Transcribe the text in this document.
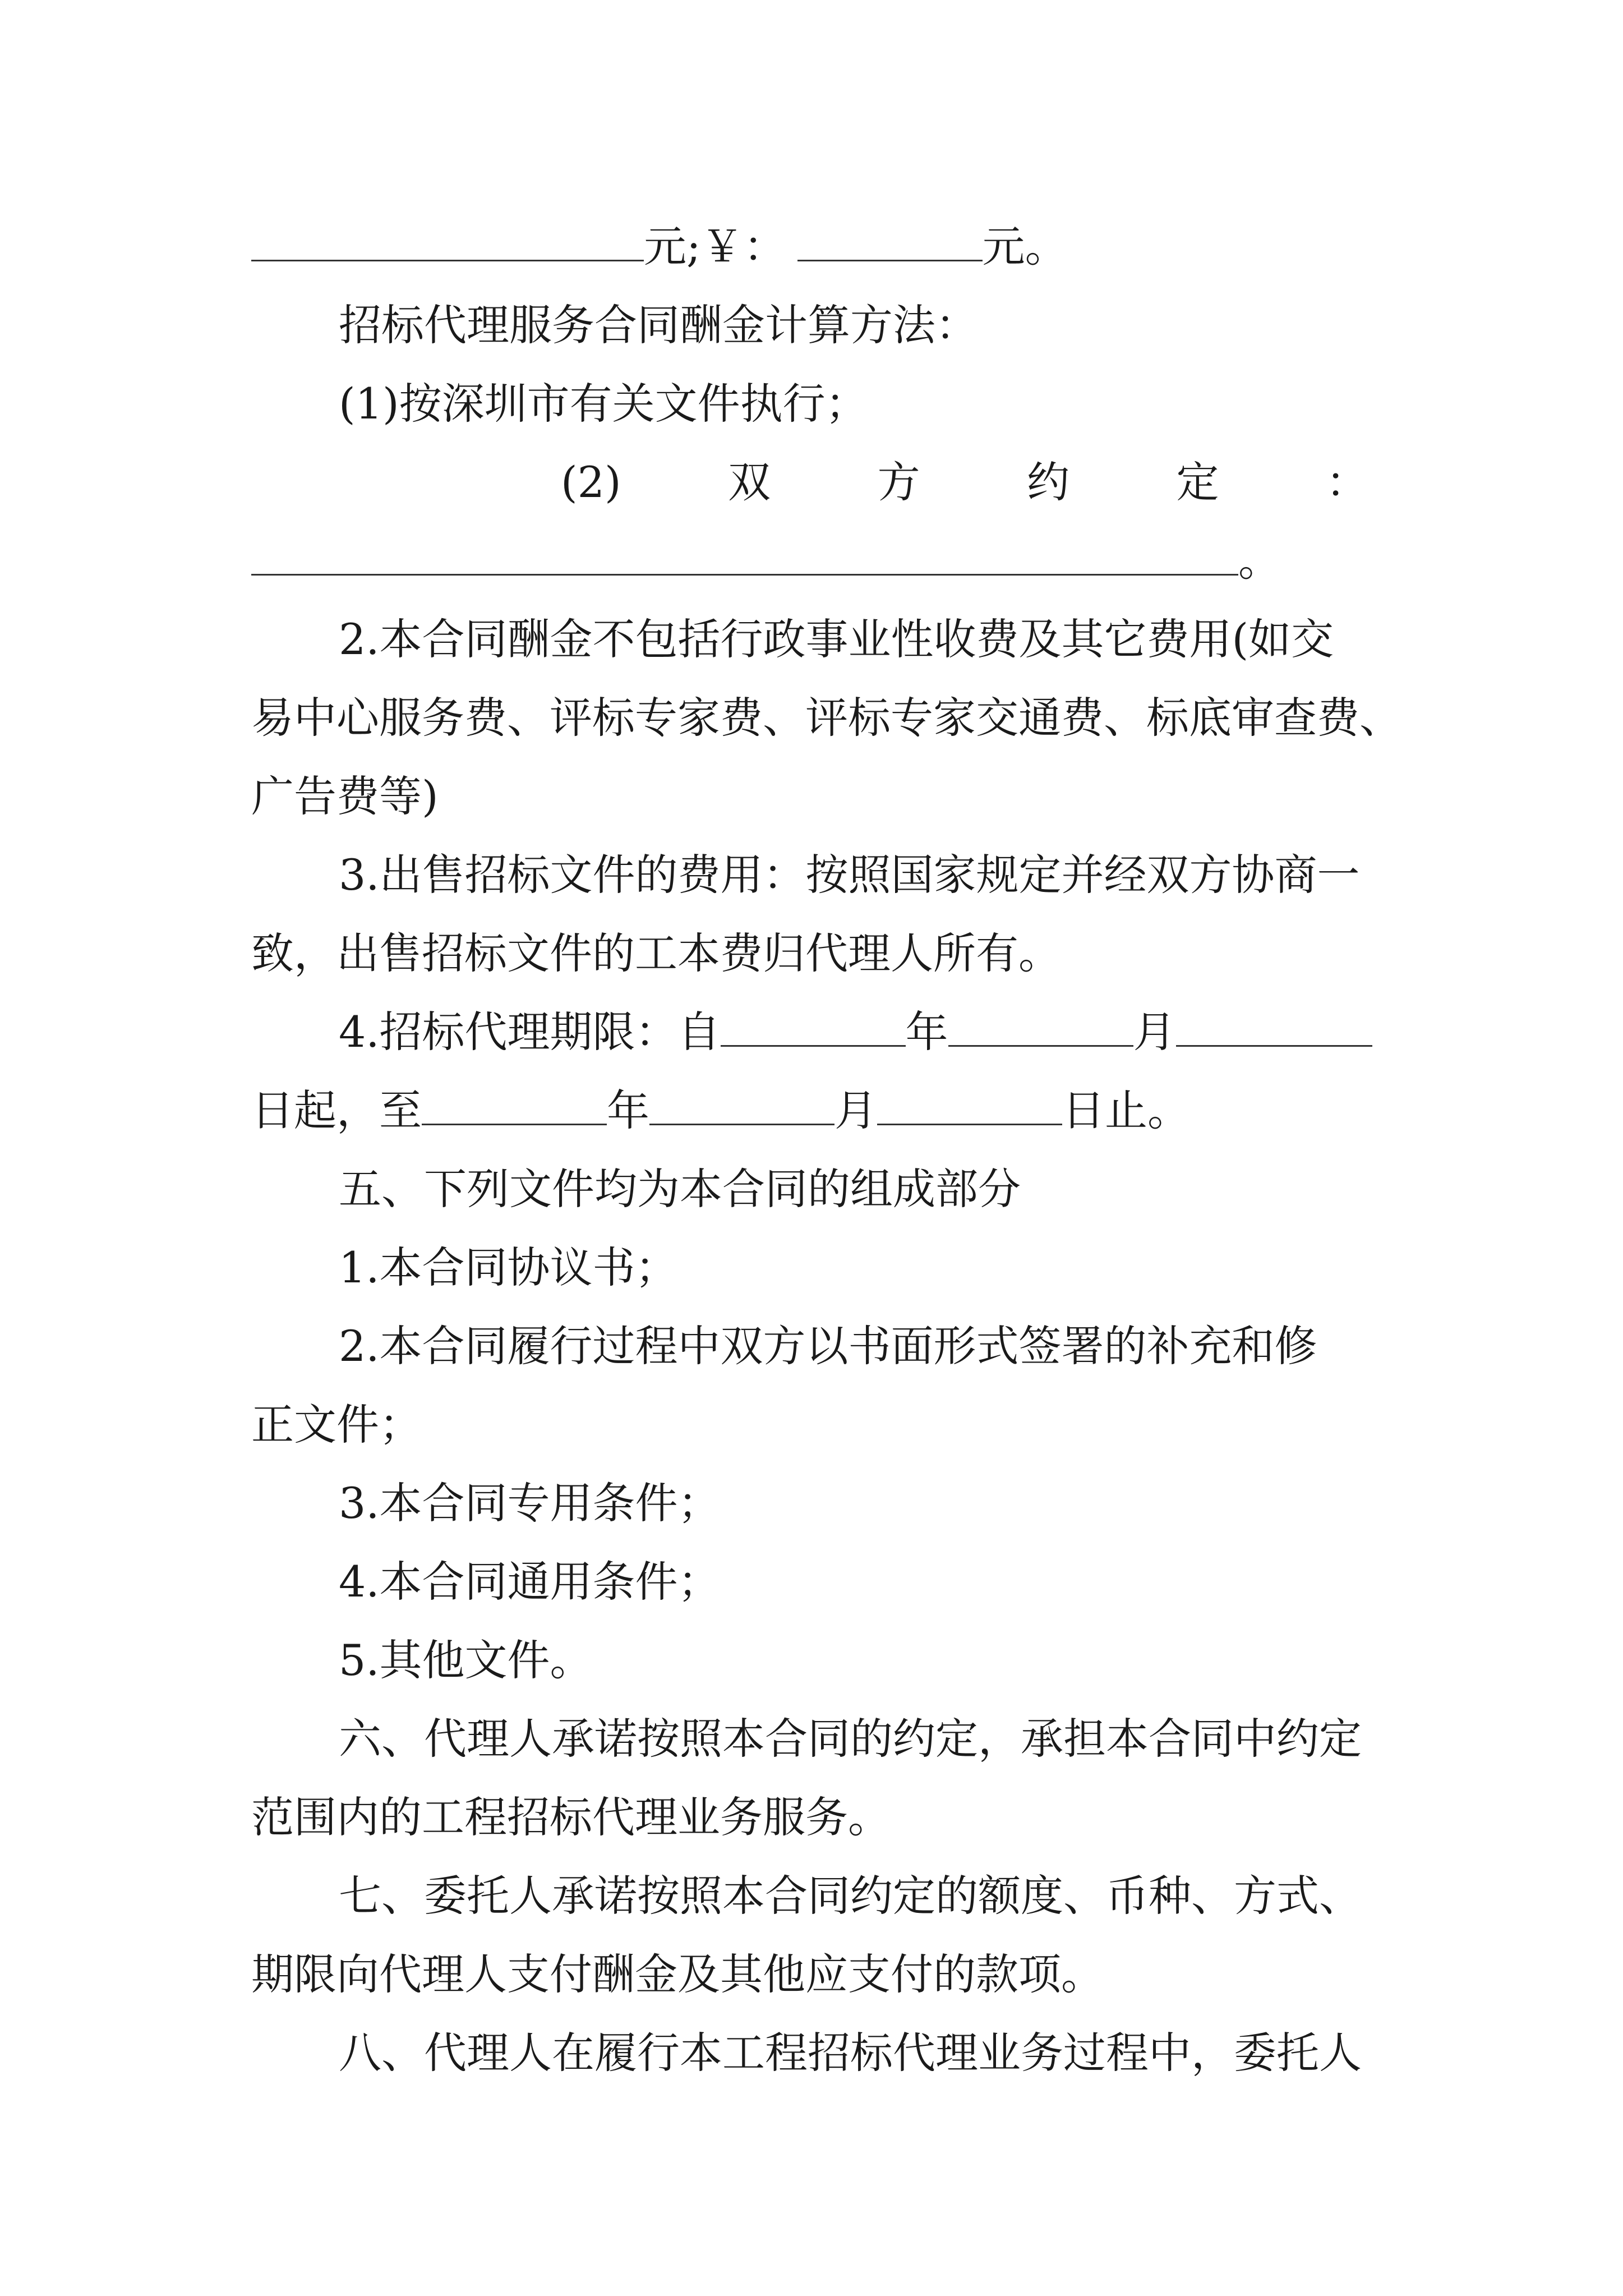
元;￥：	元。
招标代理服务合同酬金计算方法：
(1)按深圳市有关文件执行；
(2)	双	方	约	定	：
。
2.本合同酬金不包括行政事业性收费及其它费用(如交
易中心服务费、评标专家费、评标专家交通费、标底审查费、
广告费等)
3.出售招标文件的费用：按照国家规定并经双方协商一
致，出售招标文件的工本费归代理人所有。
4.招标代理期限：自	年	月
日起，至	年	月	日止。
五、下列文件均为本合同的组成部分
1.本合同协议书；
2.本合同履行过程中双方以书面形式签署的补充和修
正文件；
3.本合同专用条件；
4.本合同通用条件；
5.其他文件。
六、代理人承诺按照本合同的约定，承担本合同中约定
范围内的工程招标代理业务服务。
七、委托人承诺按照本合同约定的额度、币种、方式、
期限向代理人支付酬金及其他应支付的款项。
八、代理人在履行本工程招标代理业务过程中，委托人
